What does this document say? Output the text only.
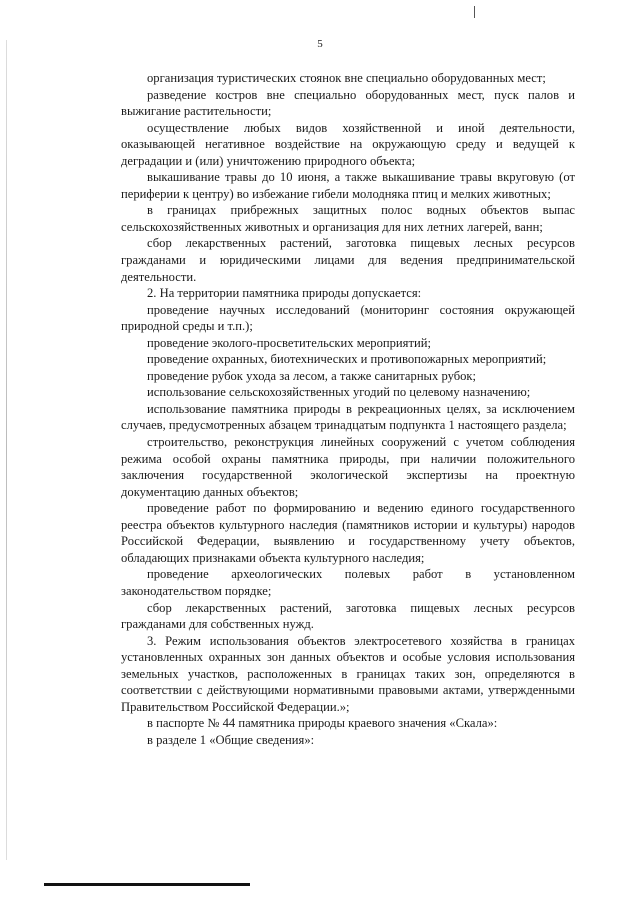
5

организация туристических стоянок вне специально оборудованных мест;

разведение костров вне специально оборудованных мест, пуск палов и выжигание растительности;

осуществление любых видов хозяйственной и иной деятельности, оказывающей негативное воздействие на окружающую среду и ведущей к деградации и (или) уничтожению природного объекта;

выкашивание травы до 10 июня, а также выкашивание травы вкруговую (от периферии к центру) во избежание гибели молодняка птиц и мелких животных;

в границах прибрежных защитных полос водных объектов выпас сельскохозяйственных животных и организация для них летних лагерей, ванн;

сбор лекарственных растений, заготовка пищевых лесных ресурсов гражданами и юридическими лицами для ведения предпринимательской деятельности.

2. На территории памятника природы допускается:

проведение научных исследований (мониторинг состояния окружающей природной среды и т.п.);

проведение эколого-просветительских мероприятий;

проведение охранных, биотехнических и противопожарных мероприятий;

проведение рубок ухода за лесом, а также санитарных рубок;

использование сельскохозяйственных угодий по целевому назначению;

использование памятника природы в рекреационных целях, за исключением случаев, предусмотренных абзацем тринадцатым подпункта 1 настоящего раздела;

строительство, реконструкция линейных сооружений с учетом соблюдения режима особой охраны памятника природы, при наличии положительного заключения государственной экологической экспертизы на проектную документацию данных объектов;

проведение работ по формированию и ведению единого государственного реестра объектов культурного наследия (памятников истории и культуры) народов Российской Федерации, выявлению и государственному учету объектов, обладающих признаками объекта культурного наследия;

проведение археологических полевых работ в установленном законодательством порядке;

сбор лекарственных растений, заготовка пищевых лесных ресурсов гражданами для собственных нужд.

3. Режим использования объектов электросетевого хозяйства в границах установленных охранных зон данных объектов и особые условия использования земельных участков, расположенных в границах таких зон, определяются в соответствии с действующими нормативными правовыми актами, утвержденными Правительством Российской Федерации.»;

в паспорте № 44 памятника природы краевого значения «Скала»:

в разделе 1 «Общие сведения»:
